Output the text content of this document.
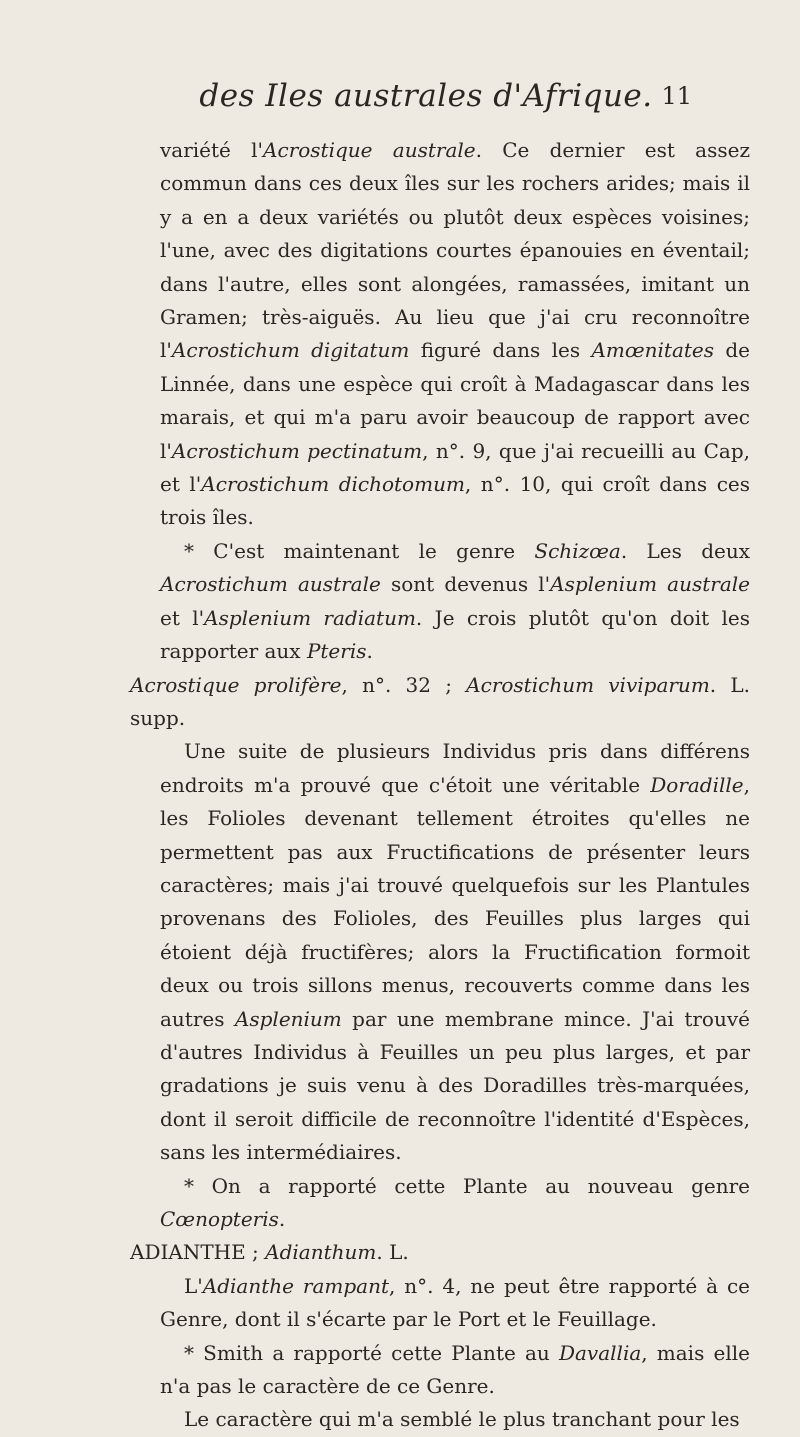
des Iles australes d'Afrique. 11

variété l'Acrostique australe. Ce dernier est assez commun dans ces deux îles sur les rochers arides; mais il y a en a deux variétés ou plutôt deux espèces voisines; l'une, avec des digitations courtes épanouies en éventail; dans l'autre, elles sont alongées, ramassées, imitant un Gramen; très-aiguës. Au lieu que j'ai cru reconnoître l'Acrostichum digitatum figuré dans les Amœnitates de Linnée, dans une espèce qui croît à Madagascar dans les marais, et qui m'a paru avoir beaucoup de rapport avec l'Acrostichum pectinatum, n°. 9, que j'ai recueilli au Cap, et l'Acrostichum dichotomum, n°. 10, qui croît dans ces trois îles.

* C'est maintenant le genre Schizœa. Les deux Acrostichum australe sont devenus l'Asplenium australe et l'Asplenium radiatum. Je crois plutôt qu'on doit les rapporter aux Pteris.

Acrostique prolifère, n°. 32 ; Acrostichum viviparum. L. supp.

Une suite de plusieurs Individus pris dans différens endroits m'a prouvé que c'étoit une véritable Doradille, les Folioles devenant tellement étroites qu'elles ne permettent pas aux Fructifications de présenter leurs caractères; mais j'ai trouvé quelquefois sur les Plantules provenans des Folioles, des Feuilles plus larges qui étoient déjà fructifères; alors la Fructification formoit deux ou trois sillons menus, recouverts comme dans les autres Asplenium par une membrane mince. J'ai trouvé d'autres Individus à Feuilles un peu plus larges, et par gradations je suis venu à des Doradilles très-marquées, dont il seroit difficile de reconnoître l'identité d'Espèces, sans les intermédiaires.

* On a rapporté cette Plante au nouveau genre Cœnopteris.

ADIANTHE ; Adianthum. L.

L'Adianthe rampant, n°. 4, ne peut être rapporté à ce Genre, dont il s'écarte par le Port et le Feuillage.

* Smith a rapporté cette Plante au Davallia, mais elle n'a pas le caractère de ce Genre.

Le caractère qui m'a semblé le plus tranchant pour les
